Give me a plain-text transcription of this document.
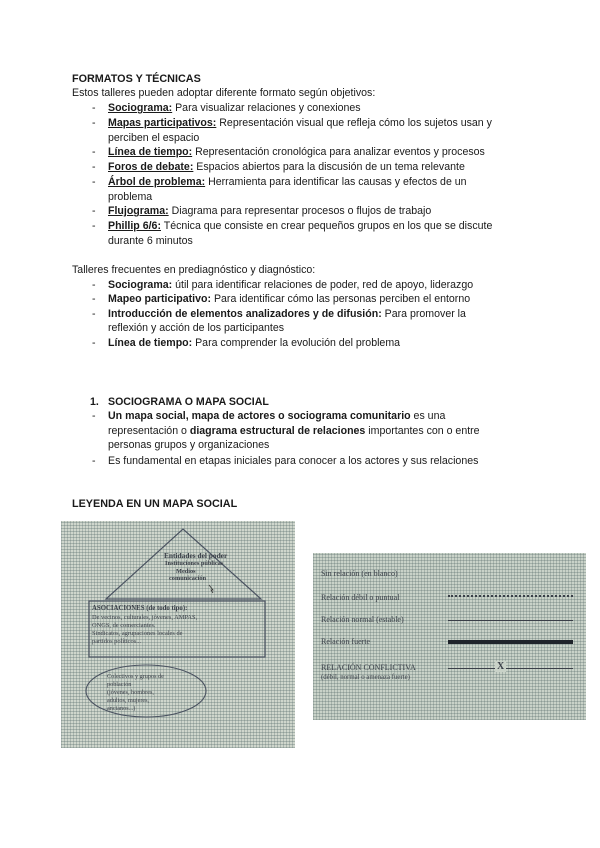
FORMATOS Y TÉCNICAS
Estos talleres pueden adoptar diferente formato según objetivos:
- Sociograma: Para visualizar relaciones y conexiones
- Mapas participativos: Representación visual que refleja cómo los sujetos usan y
perciben el espacio
- Línea de tiempo: Representación cronológica para analizar eventos y procesos
- Foros de debate: Espacios abiertos para la discusión de un tema relevante
- Árbol de problema: Herramienta para identificar las causas y efectos de un
problema
- Flujograma: Diagrama para representar procesos o flujos de trabajo
- Phillip 6/6: Técnica que consiste en crear pequeños grupos en los que se discute
durante 6 minutos
Talleres frecuentes en prediagnóstico y diagnóstico:
- Sociograma: útil para identificar relaciones de poder, red de apoyo, liderazgo
- Mapeo participativo: Para identificar cómo las personas perciben el entorno
- Introducción de elementos analizadores y de difusión: Para promover la
reflexión y acción de los participantes
- Línea de tiempo: Para comprender la evolución del problema
1. SOCIOGRAMA O MAPA SOCIAL
- Un mapa social, mapa de actores o sociograma comunitario es una
representación o diagrama estructural de relaciones importantes con o entre
personas grupos y organizaciones
- Es fundamental en etapas iniciales para conocer a los actores y sus relaciones
LEYENDA EN UN MAPA SOCIAL
Entidades del poder
Instituciones públicas
Medios
comunicación
ASOCIACIONES (de todo tipo):
De vecinos, culturales, jóvenes, AMPAS,
ONGS, de comerciantes.
Sindicatos, agrupaciones locales de
partidos políticos...
Colectivos y grupos de
población
(jóvenes, hombres,
adultos, mujeres,
ancianos...)
Sin relación (en blanco)
Relación débil o puntual
Relación normal (estable)
Relación fuerte
RELACIÓN CONFLICTIVA
(débil, normal o amenaza fuerte)
X
